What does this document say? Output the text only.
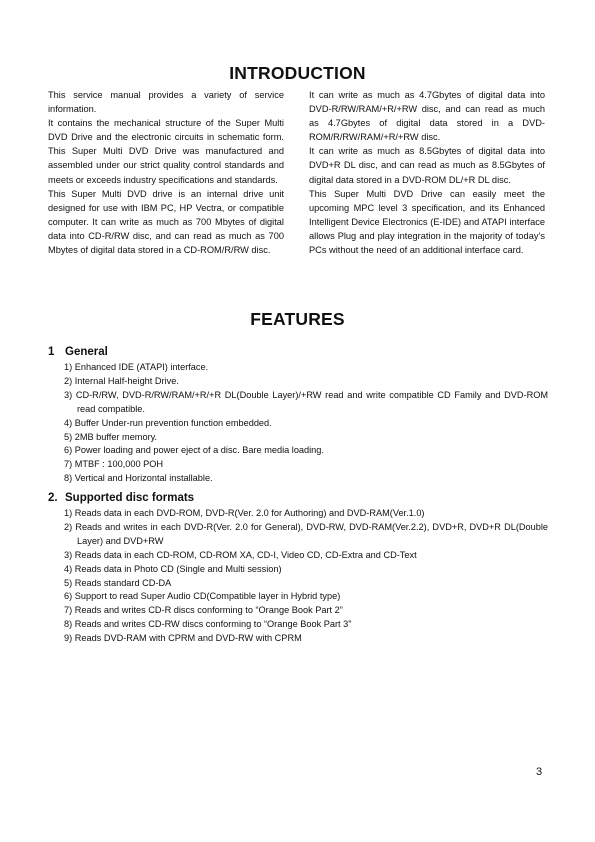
INTRODUCTION

This service manual provides a variety of service information.

It contains the mechanical structure of the Super Multi DVD Drive and the electronic circuits in schematic form. This Super Multi DVD Drive was manufactured and assembled under our strict quality control standards and meets or exceeds industry specifications and standards.

This Super Multi DVD drive is an internal drive unit designed for use with IBM PC, HP Vectra, or compatible computer. It can write as much as 700 Mbytes of digital data into CD-R/RW disc, and can read as much as 700 Mbytes of digital data stored in a CD-ROM/R/RW disc.

It can write as much as 4.7Gbytes of digital data into DVD-R/RW/RAM/+R/+RW disc, and can read as much as 4.7Gbytes of digital data stored in a DVD-ROM/R/RW/RAM/+R/+RW disc.

It can write as much as 8.5Gbytes of digital data into DVD+R DL disc, and can read as much as 8.5Gbytes of digital data stored in a DVD-ROM DL/+R DL disc.

This Super Multi DVD Drive can easily meet the upcoming MPC level 3 specification, and its Enhanced Intelligent Device Electronics (E-IDE) and ATAPI interface allows Plug and play integration in the majority of today’s PCs without the need of an additional interface card.

FEATURES
1 General
1) Enhanced IDE (ATAPI) interface.
2) Internal Half-height Drive.
3) CD-R/RW, DVD-R/RW/RAM/+R/+R DL(Double Layer)/+RW read and write compatible CD Family and DVD-ROM read compatible.
4) Buffer Under-run prevention function embedded.
5) 2MB buffer memory.
6) Power loading and power eject of a disc. Bare media loading.
7) MTBF : 100,000 POH
8) Vertical and Horizontal installable.
2. Supported disc formats
1) Reads data in each DVD-ROM, DVD-R(Ver. 2.0 for Authoring) and DVD-RAM(Ver.1.0)
2) Reads and writes in each DVD-R(Ver. 2.0 for General), DVD-RW, DVD-RAM(Ver.2.2), DVD+R, DVD+R DL(Double Layer) and DVD+RW
3) Reads data in each CD-ROM, CD-ROM XA, CD-I, Video CD, CD-Extra and CD-Text
4) Reads data in Photo CD (Single and Multi session)
5) Reads standard CD-DA
6) Support to read Super Audio CD(Compatible layer in Hybrid type)
7) Reads and writes CD-R discs conforming to “Orange Book Part 2”
8) Reads and writes CD-RW discs conforming to “Orange Book Part 3”
9) Reads DVD-RAM with CPRM and DVD-RW with CPRM
3
